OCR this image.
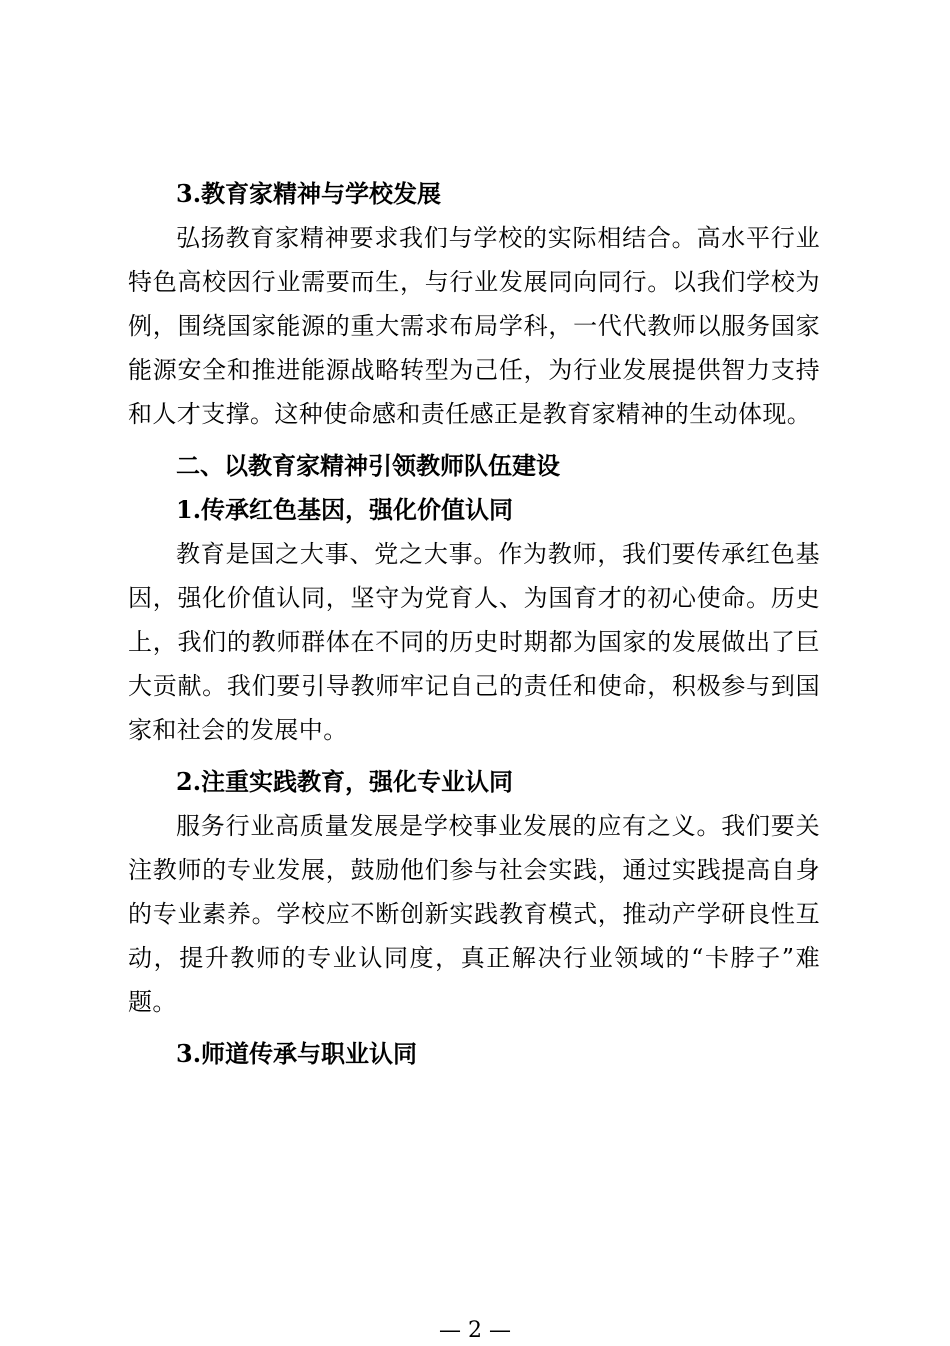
3.教育家精神与学校发展

弘扬教育家精神要求我们与学校的实际相结合。高水平行业特色高校因行业需要而生，与行业发展同向同行。以我们学校为例，围绕国家能源的重大需求布局学科，一代代教师以服务国家能源安全和推进能源战略转型为己任，为行业发展提供智力支持和人才支撑。这种使命感和责任感正是教育家精神的生动体现。

二、以教育家精神引领教师队伍建设
1.传承红色基因，强化价值认同

教育是国之大事、党之大事。作为教师，我们要传承红色基因，强化价值认同，坚守为党育人、为国育才的初心使命。历史上，我们的教师群体在不同的历史时期都为国家的发展做出了巨大贡献。我们要引导教师牢记自己的责任和使命，积极参与到国家和社会的发展中。

2.注重实践教育，强化专业认同

服务行业高质量发展是学校事业发展的应有之义。我们要关注教师的专业发展，鼓励他们参与社会实践，通过实践提高自身的专业素养。学校应不断创新实践教育模式，推动产学研良性互动，提升教师的专业认同度，真正解决行业领域的“卡脖子”难题。

3.师道传承与职业认同
— 2 —
